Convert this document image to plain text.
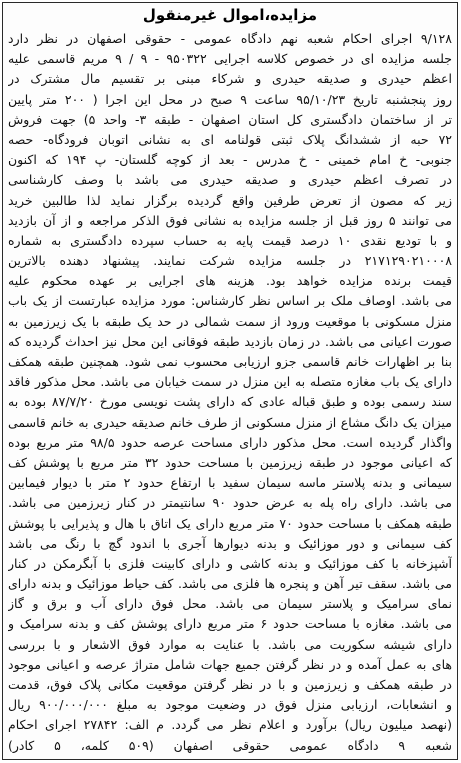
مزایده،اموال غیرمنقول
۹/۱۲۸ اجرای احکام شعبه نهم دادگاه عمومی - حقوقی اصفهان در نظر دارد
جلسه مزایده ای در خصوص کلاسه اجرایی ۹۵۰۳۲۲ - ۹ / ۹ مریم قاسمی علیه
اعظم حیدری و صدیقه حیدری و شرکاء مبنی بر تقسیم مال مشترک در
روز پنجشنبه تاریخ ۹۵/۱۰/۲۳ ساعت ۹ صبح در محل این اجرا ( ۲۰۰ متر پایین
تر از ساختمان دادگستری کل استان اصفهان - طبقه ۳- واحد ۵) جهت فروش
۷۲ حبه از ششدانگ پلاک ثبتی قولنامه ای به نشانی اتوبان فرودگاه- حصه
جنوبی- خ امام خمینی - خ مدرس - بعد از کوچه گلستان- پ ۱۹۴ که اکنون
در تصرف اعظم حیدری و صدیقه حیدری می باشد با وصف کارشناسی
زیر که مصون از تعرض طرفین واقع گردیده برگزار نماید لذا طالبین خرید
می توانند ۵ روز قبل از جلسه مزایده به نشانی فوق الذکر مراجعه و از آن بازدید
و با تودیع نقدی ۱۰ درصد قیمت پایه به حساب سپرده دادگستری به شماره
۲۱۷۱۲۹۰۲۱۰۰۰۸ در جلسه مزایده شرکت نمایند. پیشنهاد دهنده بالاترین
قیمت برنده مزایده خواهد بود. هزینه های اجرایی بر عهده محکوم علیه
می باشد. اوصاف ملک بر اساس نظر کارشناس: مورد مزایده عبارتست از یک باب
منزل مسکونی با موقعیت ورود از سمت شمالی در حد یک طبقه با یک زیرزمین به
صورت اعیانی می باشد. در زمان بازدید طبقه فوقانی این محل نیز احداث گردیده که
بنا بر اظهارات خانم قاسمی جزو ارزیابی محسوب نمی شود. همچنین طبقه همکف
دارای یک باب مغازه متصله به این منزل در سمت خیابان می باشد. محل مذکور فاقد
سند رسمی بوده و طبق قباله عادی که دارای پشت نویسی مورخ ۸۷/۷/۲۰ بوده به
میزان یک دانگ مشاع از منزل مسکونی از طرف خانم صدیقه حیدری به خانم قاسمی
واگذار گردیده است. محل مذکور دارای مساحت عرصه حدود ۹۸/۵ متر مربع بوده
که اعیانی موجود در طبقه زیرزمین با مساحت حدود ۳۲ متر مربع با پوشش کف
سیمانی و بدنه پلاستر ماسه سیمان سفید با ارتفاع حدود ۲ متر با دیوار فیمابین
می باشد. دارای راه پله به عرض حدود ۹۰ سانتیمتر در کنار زیرزمین می باشد.
طبقه همکف با مساحت حدود ۷۰ متر مربع دارای یک اتاق با هال و پذیرایی با پوشش
کف سیمانی و دور موزائیک و بدنه دیوارها آجری با اندود گچ با رنگ می باشد
آشپزخانه با کف موزائیک و بدنه کاشی و دارای کابینت فلزی با آبگرمکن در کنار
می باشد. سقف تیر آهن و پنجره ها فلزی می باشد. کف حیاط موزائیک و بدنه دارای
نمای سرامیک و پلاستر سیمان می باشد. محل فوق دارای آب و برق و گاز
می باشد. مغازه با مساحت حدود ۶ متر مربع دارای پوشش کف و بدنه سرامیک و
دارای شیشه سکوریت می باشد. با عنایت به موارد فوق الاشعار و با بررسی
های به عمل آمده و در نظر گرفتن جمیع جهات شامل متراژ عرصه و اعیانی موجود
در طبقه همکف و زیرزمین و با در نظر گرفتن موقعیت مکانی پلاک فوق، قدمت
و انشعابات، ارزیابی منزل فوق در وضعیت موجود به مبلغ ۹۰۰/۰۰۰/۰۰۰ ریال
(نهصد میلیون ریال) برآورد و اعلام نظر می گردد. م الف: ۲۷۸۴۲ اجرای احکام
شعبه ۹ دادگاه عمومی حقوقی اصفهان (۵۰۹ کلمه، ۵ کادر)
